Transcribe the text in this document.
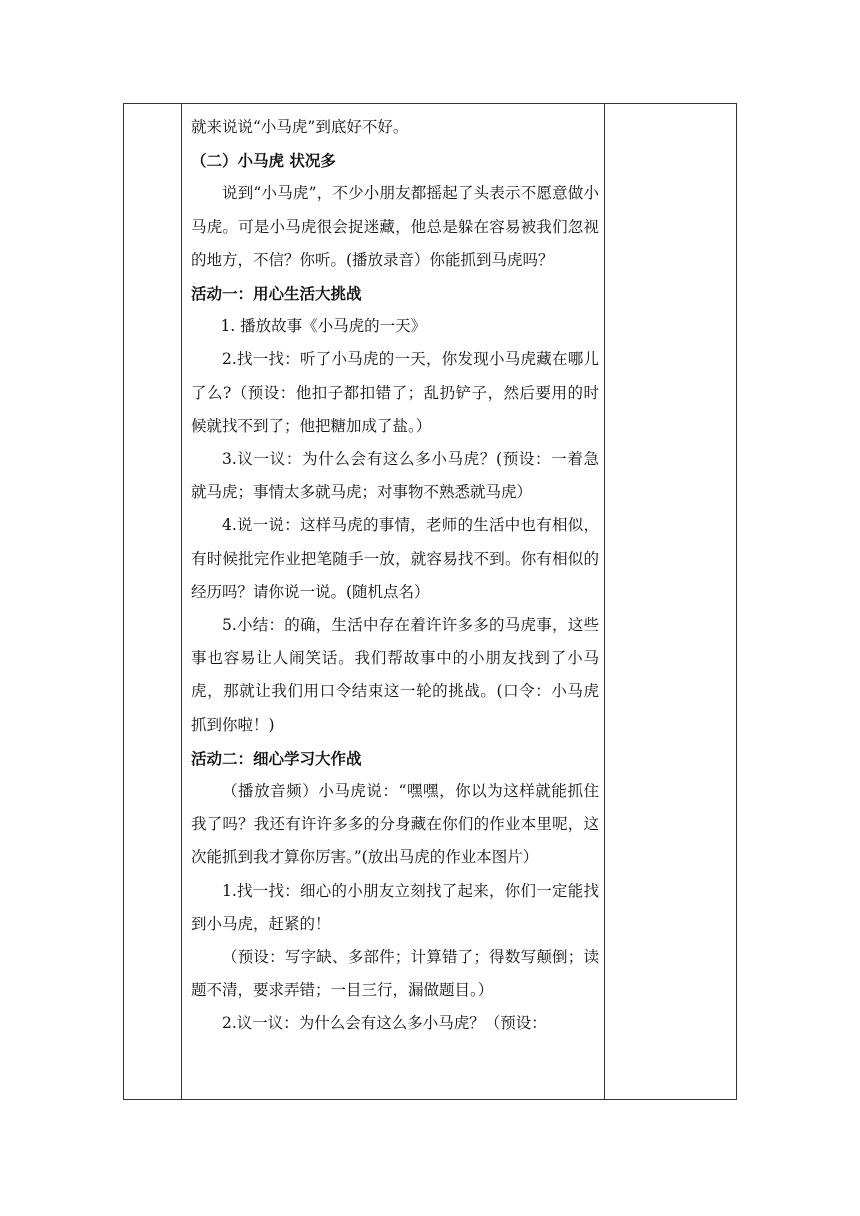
就来说说“小马虎”到底好不好。

（二）小马虎 状况多

说到“小马虎”，不少小朋友都摇起了头表示不愿意做小马虎。可是小马虎很会捉迷藏，他总是躲在容易被我们忽视的地方，不信？你听。(播放录音）你能抓到马虎吗？

活动一：用心生活大挑战

1. 播放故事《小马虎的一天》

2.找一找：听了小马虎的一天，你发现小马虎藏在哪儿了么?（预设：他扣子都扣错了；乱扔铲子，然后要用的时候就找不到了；他把糖加成了盐。）

3.议一议：为什么会有这么多小马虎？(预设：一着急就马虎；事情太多就马虎；对事物不熟悉就马虎）

4.说一说：这样马虎的事情，老师的生活中也有相似，有时候批完作业把笔随手一放，就容易找不到。你有相似的经历吗？请你说一说。(随机点名）

5.小结：的确，生活中存在着许许多多的马虎事，这些事也容易让人闹笑话。我们帮故事中的小朋友找到了小马虎，那就让我们用口令结束这一轮的挑战。(口令：小马虎抓到你啦！)

活动二：细心学习大作战

（播放音频）小马虎说：“嘿嘿，你以为这样就能抓住我了吗？我还有许许多多的分身藏在你们的作业本里呢，这次能抓到我才算你厉害。”(放出马虎的作业本图片）

1.找一找：细心的小朋友立刻找了起来，你们一定能找到小马虎，赶紧的！

（预设：写字缺、多部件；计算错了；得数写颠倒；读题不清，要求弄错；一目三行，漏做题目。）

2.议一议：为什么会有这么多小马虎？（预设：
